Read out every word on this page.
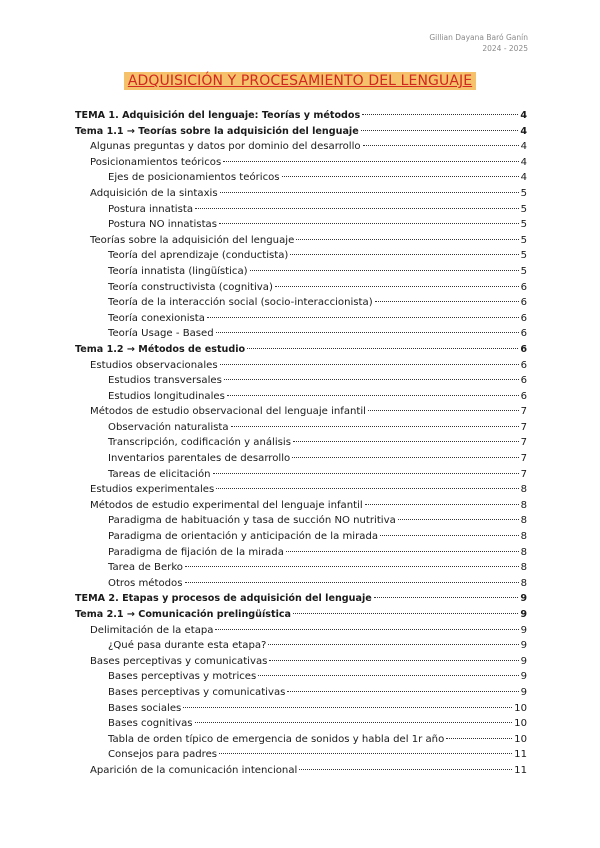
Gillian Dayana Baró Ganín
2024 - 2025
ADQUISICIÓN Y PROCESAMIENTO DEL LENGUAJE
TEMA 1. Adquisición del lenguaje: Teorías y métodos	4
Tema 1.1 → Teorías sobre la adquisición del lenguaje	4
Algunas preguntas y datos por dominio del desarrollo	4
Posicionamientos teóricos	4
Ejes de posicionamientos teóricos	4
Adquisición de la sintaxis	5
Postura innatista	5
Postura NO innatistas	5
Teorías sobre la adquisición del lenguaje	5
Teoría del aprendizaje (conductista)	5
Teoría innatista (lingüística)	5
Teoría constructivista (cognitiva)	6
Teoría de la interacción social (socio-interaccionista)	6
Teoría conexionista	6
Teoría Usage - Based	6
Tema 1.2 → Métodos de estudio	6
Estudios observacionales	6
Estudios transversales	6
Estudios longitudinales	6
Métodos de estudio observacional del lenguaje infantil	7
Observación naturalista	7
Transcripción, codificación y análisis	7
Inventarios parentales de desarrollo	7
Tareas de elicitación	7
Estudios experimentales	8
Métodos de estudio experimental del lenguaje infantil	8
Paradigma de habituación y tasa de succión NO nutritiva	8
Paradigma de orientación y anticipación de la mirada	8
Paradigma de fijación de la mirada	8
Tarea de Berko	8
Otros métodos	8
TEMA 2. Etapas y procesos de adquisición del lenguaje	9
Tema 2.1 → Comunicación prelingüística	9
Delimitación de la etapa	9
¿Qué pasa durante esta etapa?	9
Bases perceptivas y comunicativas	9
Bases perceptivas y motrices	9
Bases perceptivas y comunicativas	9
Bases sociales	10
Bases cognitivas	10
Tabla de orden típico de emergencia de sonidos y habla del 1r año	10
Consejos para padres	11
Aparición de la comunicación intencional	11
